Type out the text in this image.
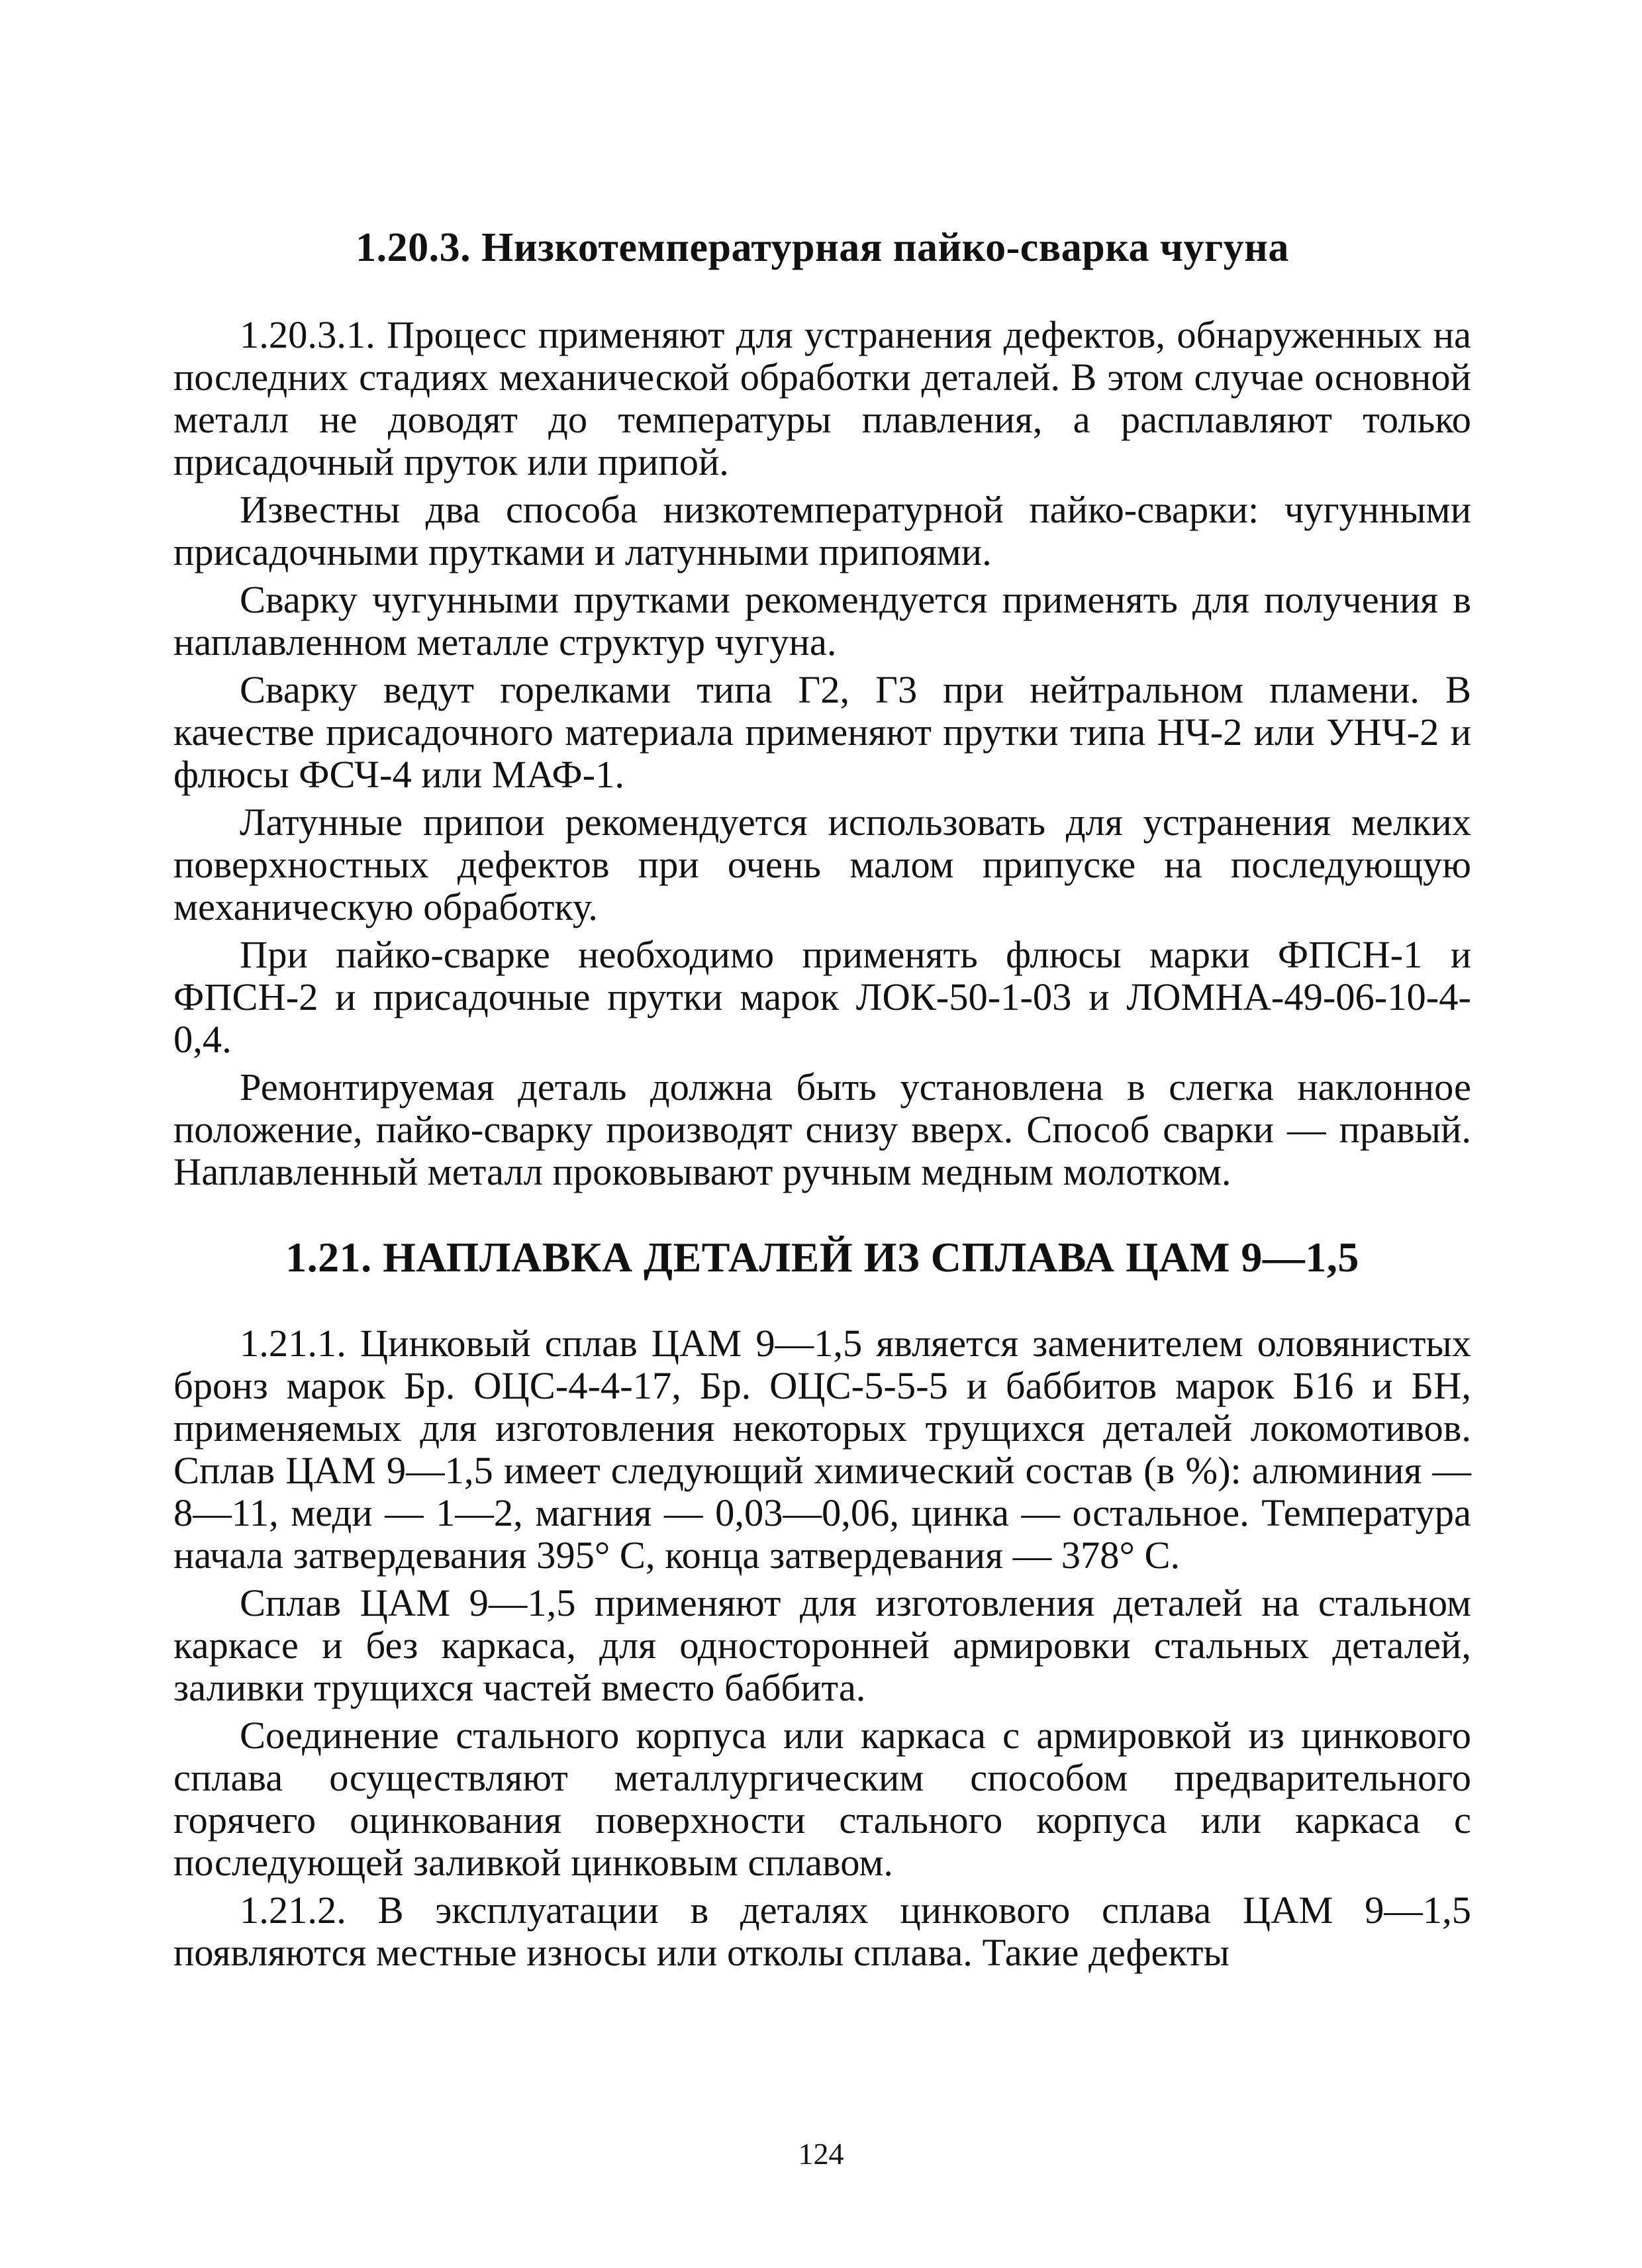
1.20.3. Низкотемпературная пайко-сварка чугуна

1.20.3.1. Процесс применяют для устранения дефектов, обнаруженных на последних стадиях механической обработки деталей. В этом случае основной металл не доводят до температуры плавления, а расплавляют только присадочный пруток или припой.

Известны два способа низкотемпературной пайко-сварки: чугунными присадочными прутками и латунными припоями.

Сварку чугунными прутками рекомендуется применять для получения в наплавленном металле структур чугуна.

Сварку ведут горелками типа Г2, Г3 при нейтральном пламени. В качестве присадочного материала применяют прутки типа НЧ-2 или УНЧ-2 и флюсы ФСЧ-4 или МАФ-1.

Латунные припои рекомендуется использовать для устранения мелких поверхностных дефектов при очень малом припуске на последующую механическую обработку.

При пайко-сварке необходимо применять флюсы марки ФПСН-1 и ФПСН-2 и присадочные прутки марок ЛОК-50-1-03 и ЛОМНА-49-06-10-4-0,4.

Ремонтируемая деталь должна быть установлена в слегка наклонное положение, пайко-сварку производят снизу вверх. Способ сварки — правый. Наплавленный металл проковывают ручным медным молотком.

1.21. НАПЛАВКА ДЕТАЛЕЙ ИЗ СПЛАВА ЦАМ 9—1,5

1.21.1. Цинковый сплав ЦАМ 9—1,5 является заменителем оловянистых бронз марок Бр. ОЦС-4-4-17, Бр. ОЦС-5-5-5 и баббитов марок Б16 и БН, применяемых для изготовления некоторых трущихся деталей локомотивов. Сплав ЦАМ 9—1,5 имеет следующий химический состав (в %): алюминия — 8—11, меди — 1—2, магния — 0,03—0,06, цинка — остальное. Температура начала затвердевания 395° С, конца затвердевания — 378° С.

Сплав ЦАМ 9—1,5 применяют для изготовления деталей на стальном каркасе и без каркаса, для односторонней армировки стальных деталей, заливки трущихся частей вместо баббита.

Соединение стального корпуса или каркаса с армировкой из цинкового сплава осуществляют металлургическим способом предварительного горячего оцинкования поверхности стального корпуса или каркаса с последующей заливкой цинковым сплавом.

1.21.2. В эксплуатации в деталях цинкового сплава ЦАМ 9—1,5 появляются местные износы или отколы сплава. Такие дефекты

124
